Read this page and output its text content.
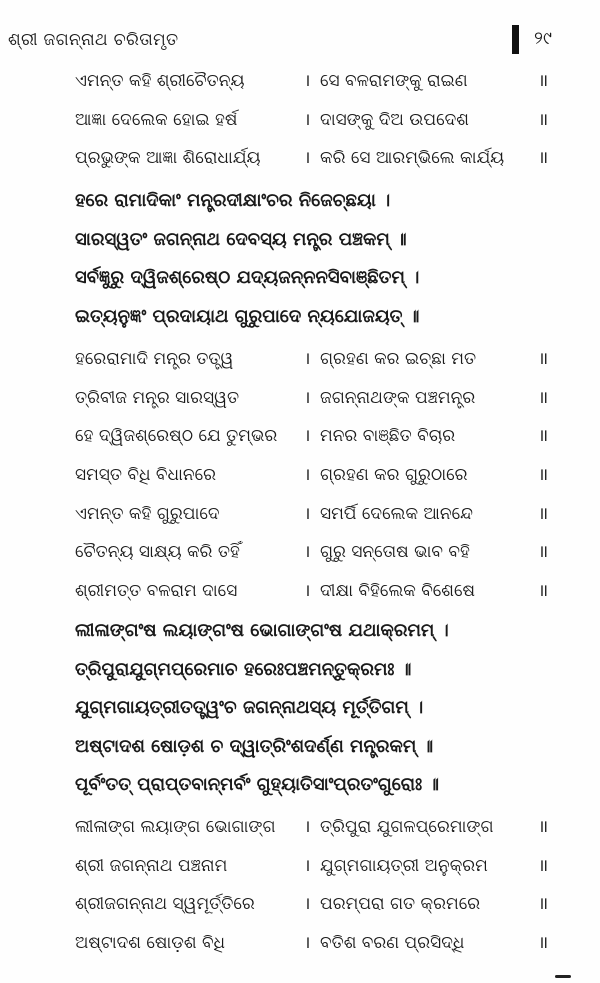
ଶ୍ରୀ ଜଗନ୍ନାଥ ଚରିତାମୃତ	୨୯
ଏମନ୍ତ କହି ଶ୍ରୀଚୈତନ୍ୟ	। ସେ ବଳରାମଙ୍କୁ ରାଇଣ	॥
ଆଜ୍ଞା ଦେଲେକ ହୋଇ ହର୍ଷ	। ଦାସଙ୍କୁ ଦିଅ ଉପଦେଶ	॥
ପ୍ରଭୁଙ୍କ ଆଜ୍ଞା ଶିରୋଧାର୍ଯ୍ୟ	। କରି ସେ ଆରମ୍ଭିଲେ କାର୍ଯ୍ୟ ॥
ହରେ ରାମାଦିକାଂ ମନ୍ତ୍ରଦୀକ୍ଷାଂଚର ନିଜେଚ୍ଛୟା ।
ସାରସ୍ୱତଂ ଜଗନ୍ନାଥ ଦେବସ୍ୟ ମନ୍ତ୍ର ପଞ୍ଚକମ୍ ॥
ସର୍ବଜ୍ଞୁରୁ ଦ୍ୱିଜଶ୍ରେଷ୍ଠ ଯଦ୍ୟଜନ୍ନନସିବାଞ୍ଛିତମ୍ ।
ଇତ୍ୟନୁଜ୍ଞଂ ପ୍ରଦାୟାଥ ଗୁରୁପାଦେ ନ୍ୟଯୋଜୟତ୍ ॥
ହରେରାମାଦି ମନ୍ତ୍ର ତତ୍ତ୍ୱ	। ଗ୍ରହଣ କର ଇଚ୍ଛା ମତ	॥
ତ୍ରିବୀଜ ମନ୍ତ୍ର ସାରସ୍ୱତ	। ଜଗନ୍ନାଥଙ୍କ ପଞ୍ଚମନ୍ତ୍ର	॥
ହେ ଦ୍ୱିଜଶ୍ରେଷ୍ଠ ଯେ ତୁମ୍ଭର । ମନର ବାଞ୍ଛିତ ବିଚାର	॥
ସମସ୍ତ ବିଧି ବିଧାନରେ	। ଗ୍ରହଣ କର ଗୁରୁଠାରେ	॥
ଏମନ୍ତ କହି ଗୁରୁପାଦେ	। ସମର୍ପି ଦେଲେକ ଆନନ୍ଦେ	॥
ଚୈତନ୍ୟ ସାକ୍ଷ୍ୟ କରି ତହିଁ	। ଗୁରୁ ସନ୍ତୋଷ ଭାବ ବହି	॥
ଶ୍ରୀମତ୍ତ ବଳରାମ ଦାସେ	। ଦୀକ୍ଷା ବିହିଲେକ ବିଶେଷେ	॥
ଲୀଳାଙ୍ଗଂଷ ଲୟାଙ୍ଗଂଷ ଭୋଗାଙ୍ଗଂଷ ଯଥାକ୍ରମମ୍ ।
ତ୍ରିପୁରାଯୁଗ୍ମପ୍ରେମାଚ ହରେଃପଞ୍ଚମନ୍ତୁକ୍ରମଃ ॥
ଯୁଗ୍ମଗାୟତ୍ରୀତତ୍ତ୍ୱଂଚ ଜଗନ୍ନାଥସ୍ୟ ମୂର୍ତ୍ତିଗମ୍ ।
ଅଷ୍ଟାଦଶ ଷୋଡ଼ଶ ଚ ଦ୍ୱାତ୍ରିଂଶଦର୍ଣ୍ଣ ମନ୍ତ୍ରକମ୍ ॥
ପୂର୍ବଂତତ୍ ପ୍ରାପ୍ତବାନ୍ମର୍ବଂ ଗୁହ୍ୟାତିସାଂପ୍ରତଂଗୁରୋଃ ॥
ଲୀଳାଙ୍ଗ ଲୟାଙ୍ଗ ଭୋଗାଙ୍ଗ । ତ୍ରିପୁରା ଯୁଗଳପ୍ରେମାଙ୍ଗ	॥
ଶ୍ରୀ ଜଗନ୍ନାଥ ପଞ୍ଚନାମ	। ଯୁଗ୍ମଗାୟତ୍ରୀ ଅନୁକ୍ରମ	॥
ଶ୍ରୀଜଗନ୍ନାଥ ସ୍ୱମୂର୍ତ୍ତିରେ	। ପରମ୍ପରା ଗତ କ୍ରମରେ	॥
ଅଷ୍ଟାଦଶ ଷୋଡ଼ଶ ବିଧି	। ବତିଶ ବରଣ ପ୍ରସିଦ୍ଧି	॥
